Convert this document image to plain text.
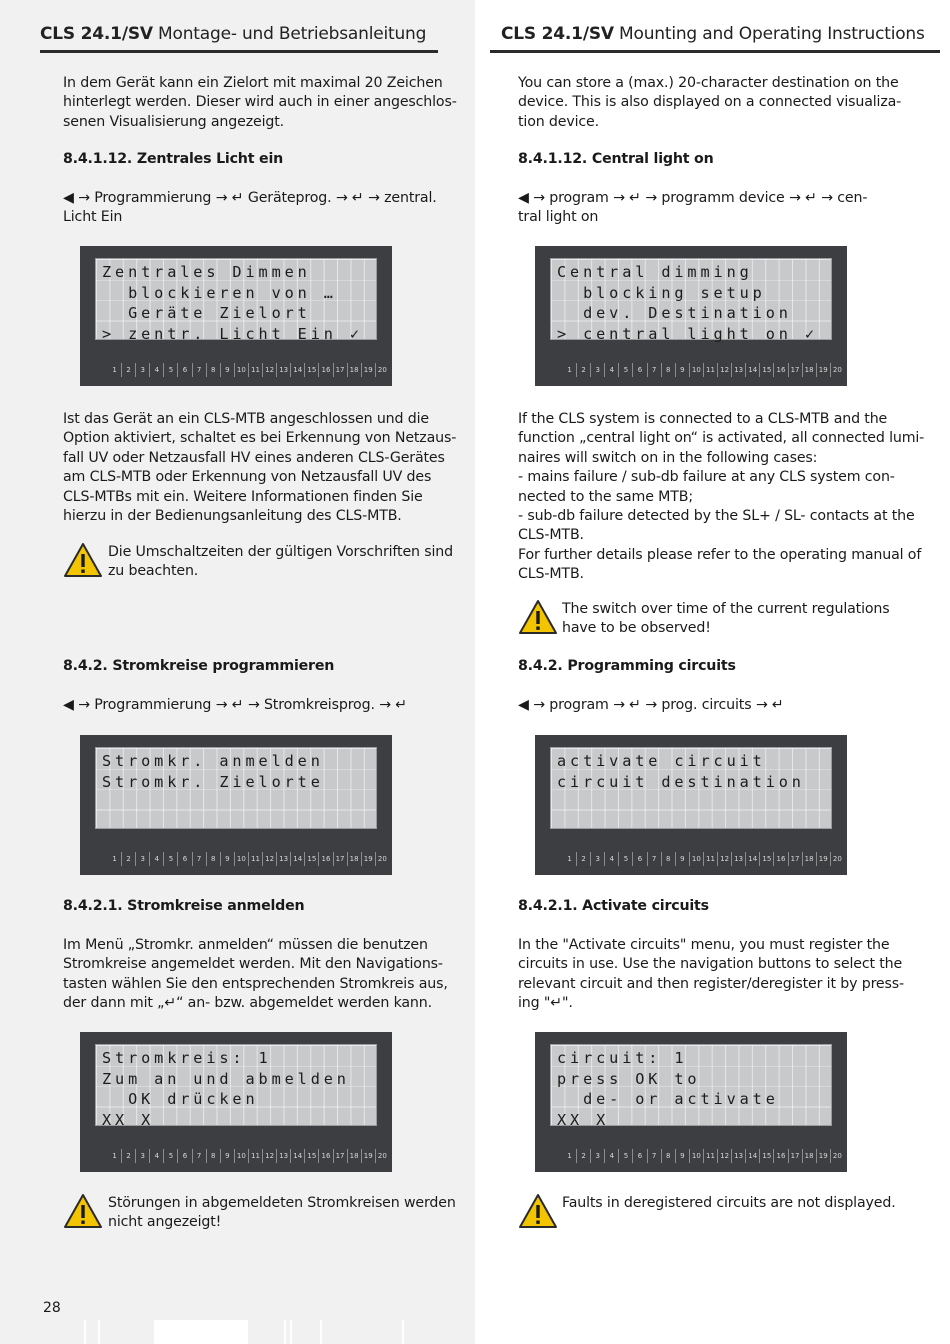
CLS 24.1/SV Montage- und Betriebsanleitung
In dem Gerät kann ein Zielort mit maximal 20 Zeichen
hinterlegt werden. Dieser wird auch in einer angeschlos-
senen Visualisierung angezeigt.
8.4.1.12. Zentrales Licht ein
◀ → Programmierung → ↵ Geräteprog. → ↵ → zentral.
Licht Ein
Zentrales Dimmen
blockieren von …
Geräte Zielort
> zentr. Licht Ein ✓
1	2	3	4	5	6	7	8	9	10 11 12 13 14 15 16 17 18 19 20
Ist das Gerät an ein CLS-MTB angeschlossen und die
Option aktiviert, schaltet es bei Erkennung von Netzaus-
fall UV oder Netzausfall HV eines anderen CLS-Gerätes
am CLS-MTB oder Erkennung von Netzausfall UV des
CLS-MTBs mit ein. Weitere Informationen finden Sie
hierzu in der Bedienungsanleitung des CLS-MTB.
Die Umschaltzeiten der gültigen Vorschriften sind
zu beachten.
8.4.2. Stromkreise programmieren
◀ → Programmierung → ↵ → Stromkreisprog. → ↵
Stromkr. anmelden
Stromkr. Zielorte
1	2	3	4	5	6	7	8	9	10 11 12 13 14 15 16 17 18 19 20
8.4.2.1. Stromkreise anmelden
Im Menü „Stromkr. anmelden“ müssen die benutzen
Stromkreise angemeldet werden. Mit den Navigations-
tasten wählen Sie den entsprechenden Stromkreis aus,
der dann mit „↵“ an- bzw. abgemeldet werden kann.
Stromkreis: 1
Zum an und abmelden
OK drücken
XX X
1	2	3	4	5	6	7	8	9	10 11 12 13 14 15 16 17 18 19 20
Störungen in abgemeldeten Stromkreisen werden
nicht angezeigt!
28
CLS 24.1/SV Mounting and Operating Instructions
You can store a (max.) 20-character destination on the
device. This is also displayed on a connected visualiza-
tion device.
8.4.1.12. Central light on
◀ → program → ↵ → programm device → ↵ → cen-
tral light on
Central dimming
blocking setup
dev. Destination
> central light on ✓
1	2	3	4	5	6	7	8	9	10 11 12 13 14 15 16 17 18 19 20
If the CLS system is connected to a CLS-MTB and the
function „central light on“ is activated, all connected lumi-
naires will switch on in the following cases:
- mains failure / sub-db failure at any CLS system con-
nected to the same MTB;
- sub-db failure detected by the SL+ / SL- contacts at the
CLS-MTB.
For further details please refer to the operating manual of
CLS-MTB.
The switch over time of the current regulations
have to be observed!
8.4.2. Programming circuits
◀ → program → ↵ → prog. circuits → ↵
activate circuit
circuit destination
1	2	3	4	5	6	7	8	9	10 11 12 13 14 15 16 17 18 19 20
8.4.2.1. Activate circuits
In the "Activate circuits" menu, you must register the
circuits in use. Use the navigation buttons to select the
relevant circuit and then register/deregister it by press-
ing "↵".
circuit: 1
press OK to
de- or activate
XX X
1	2	3	4	5	6	7	8	9	10 11 12 13 14 15 16 17 18 19 20
Faults in deregistered circuits are not displayed.
